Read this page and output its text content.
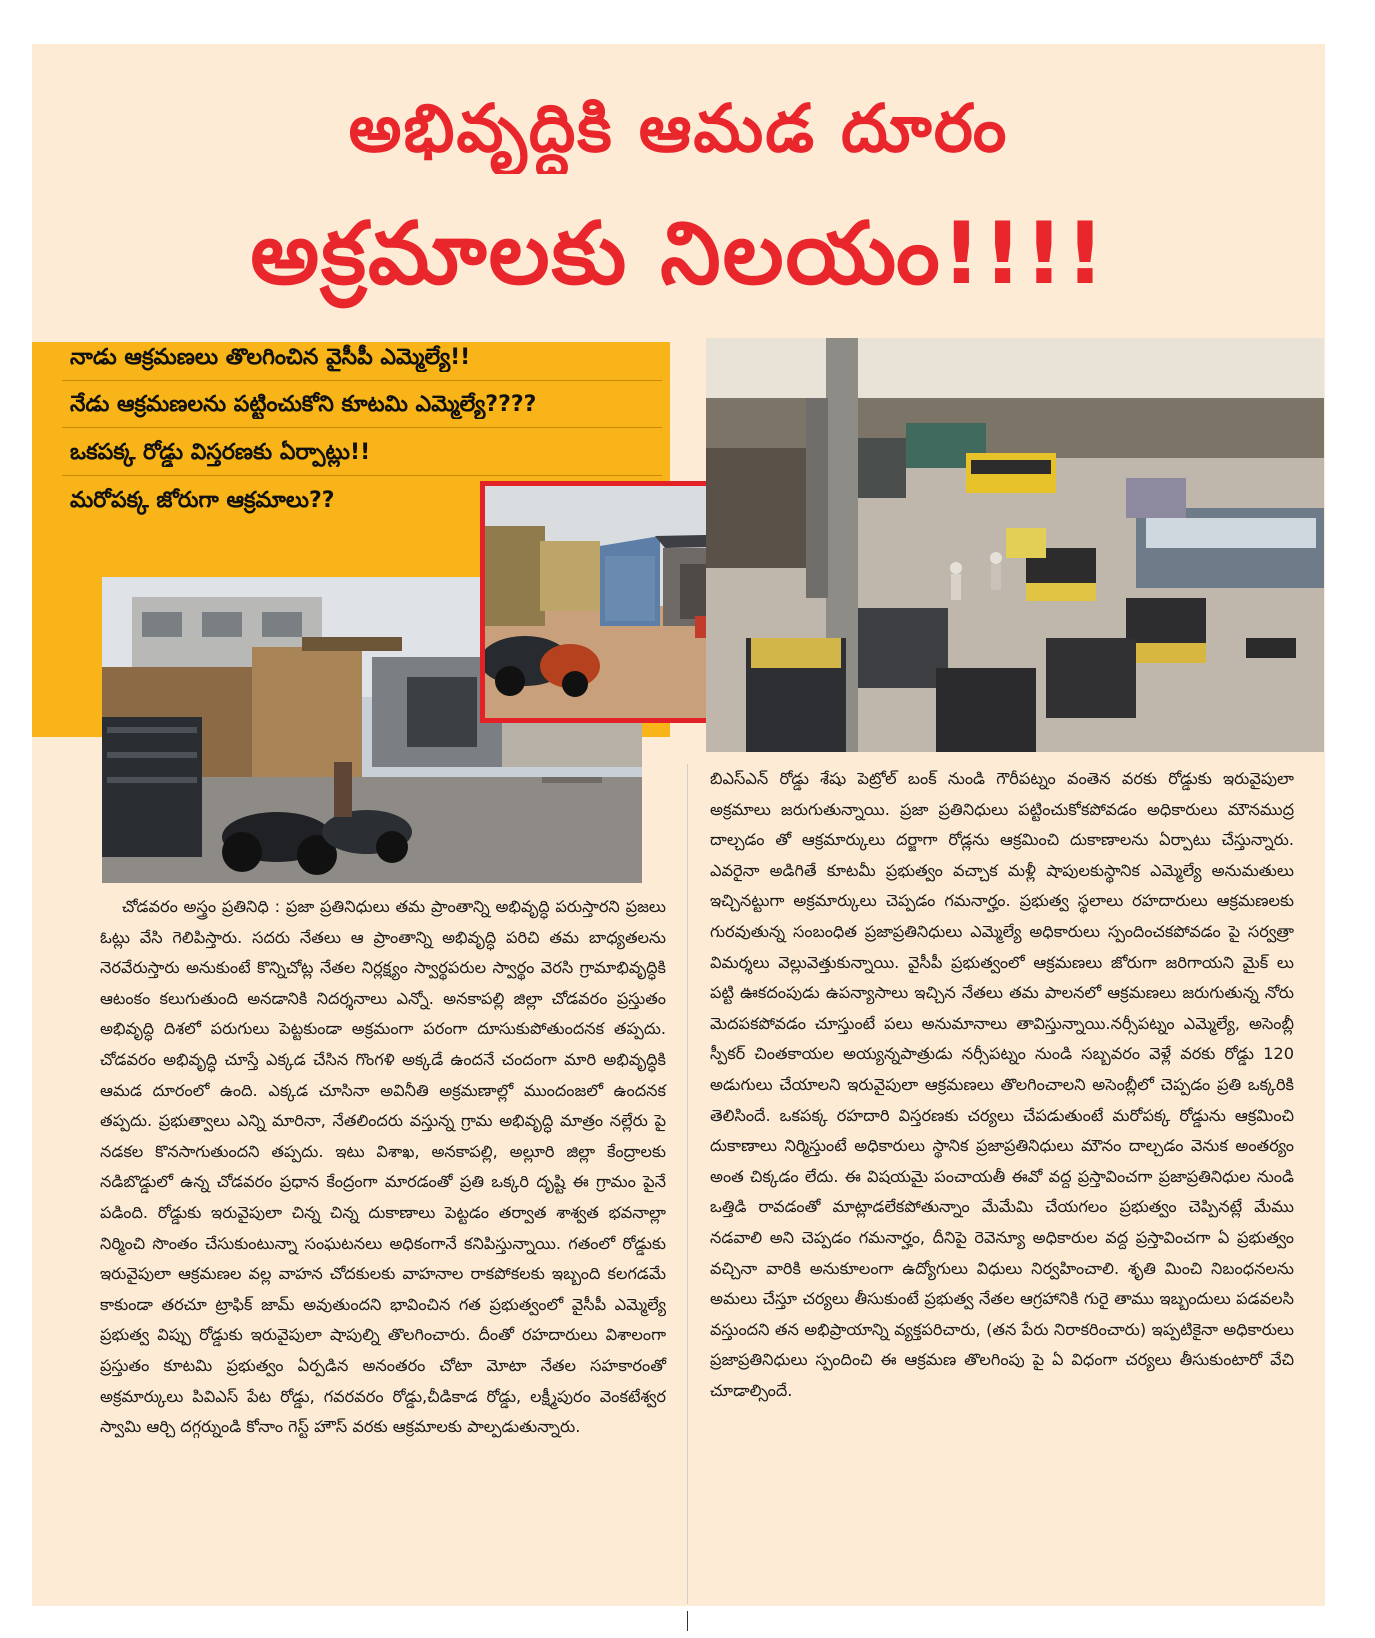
అభివృద్ధికి ఆమడ దూరం
అక్రమాలకు నిలయం!!!!
నాడు ఆక్రమణలు తొలగించిన వైసీపీ ఎమ్మెల్యే!!
నేడు ఆక్రమణలను పట్టించుకోని కూటమి ఎమ్మెల్యే????
ఒకపక్క రోడ్డు విస్తరణకు ఏర్పాట్లు!!
మరోపక్క జోరుగా ఆక్రమాలు??
చోడవరం అస్త్రం ప్రతినిధి : ప్రజా ప్రతినిధులు తమ ప్రాంతాన్ని అభివృద్ధి పరుస్తారని ప్రజలు ఓట్లు వేసి గెలిపిస్తారు. సదరు నేతలు ఆ ప్రాంతాన్ని అభివృద్ధి పరిచి తమ బాధ్యతలను నెరవేరుస్తారు అనుకుంటే కొన్నిచోట్ల నేతల నిర్లక్ష్యం స్వార్థపరుల స్వార్థం వెరసి గ్రామాభివృద్ధికి ఆటంకం కలుగుతుంది అనడానికి నిదర్శనాలు ఎన్నో. అనకాపల్లి జిల్లా చోడవరం ప్రస్తుతం అభివృద్ధి దిశలో పరుగులు పెట్టకుండా అక్రమంగా పరంగా దూసుకుపోతుందనక తప్పదు. చోడవరం అభివృద్ధి చూస్తే ఎక్కడ చేసిన గొంగళి అక్కడే ఉందనే చందంగా మారి అభివృద్ధికి ఆమడ దూరంలో ఉంది. ఎక్కడ చూసినా అవినీతి అక్రమణాల్లో ముందంజలో ఉందనక తప్పదు. ప్రభుత్వాలు ఎన్ని మారినా, నేతలిందరు వస్తున్న గ్రామ అభివృద్ధి మాత్రం నల్లేరు పై నడకల కొనసాగుతుందని తప్పదు. ఇటు విశాఖ, అనకాపల్లి, అల్లూరి జిల్లా కేంద్రాలకు నడిబొడ్డులో ఉన్న చోడవరం ప్రధాన కేంద్రంగా మారడంతో ప్రతి ఒక్కరి దృష్టి ఈ గ్రామం పైనే పడింది. రోడ్డుకు ఇరువైపులా చిన్న చిన్న దుకాణాలు పెట్టడం తర్వాత శాశ్వత భవనాల్లా నిర్మించి సొంతం చేసుకుంటున్నా సంఘటనలు అధికంగానే కనిపిస్తున్నాయి. గతంలో రోడ్డుకు ఇరువైపులా ఆక్రమణల వల్ల వాహన చోదకులకు వాహనాల రాకపోకలకు ఇబ్బంది కలగడమే కాకుండా తరచూ ట్రాఫిక్ జామ్ అవుతుందని భావించిన గత ప్రభుత్వంలో వైసీపీ ఎమ్మెల్యే ప్రభుత్వ విప్పు రోడ్డుకు ఇరువైపులా షాపుల్ని తొలగించారు. దీంతో రహదారులు విశాలంగా ప్రస్తుతం కూటమి ప్రభుత్వం ఏర్పడిన అనంతరం చోటా మోటా నేతల సహకారంతో అక్రమార్కులు పివిఎస్ పేట రోడ్డు, గవరవరం రోడ్డు,చీడికాడ రోడ్డు, లక్ష్మీపురం వెంకటేశ్వర స్వామి ఆర్చి దగ్గర్నుండి కోనాం గెస్ట్ హౌస్ వరకు ఆక్రమాలకు పాల్పడుతున్నారు.
బిఎస్ఎన్ రోడ్డు శేషు పెట్రోల్ బంక్ నుండి గౌరీపట్నం వంతెన వరకు రోడ్డుకు ఇరువైపులా అక్రమాలు జరుగుతున్నాయి. ప్రజా ప్రతినిధులు పట్టించుకోకపోవడం అధికారులు మౌనముద్ర దాల్చడం తో ఆక్రమార్కులు దర్జాగా రోడ్లను ఆక్రమించి దుకాణాలను ఏర్పాటు చేస్తున్నారు. ఎవరైనా అడిగితే కూటమీ ప్రభుత్వం వచ్చాక మళ్లీ షాపులకుస్థానిక ఎమ్మెల్యే అనుమతులు ఇచ్చినట్టుగా అక్రమార్కులు చెప్పడం గమనార్హం. ప్రభుత్వ స్థలాలు రహదారులు ఆక్రమణలకు గురవుతున్న సంబంధిత ప్రజాప్రతినిధులు ఎమ్మెల్యే అధికారులు స్పందించకపోవడం పై సర్వత్రా విమర్శలు వెల్లువెత్తుకున్నాయి. వైసీపీ ప్రభుత్వంలో ఆక్రమణలు జోరుగా జరిగాయని మైక్ లు పట్టి ఊకదంపుడు ఉపన్యాసాలు ఇచ్చిన నేతలు తమ పాలనలో ఆక్రమణలు జరుగుతున్న నోరు మెదపకపోవడం చూస్తుంటే పలు అనుమానాలు తావిస్తున్నాయి.నర్సీపట్నం ఎమ్మెల్యే, అసెంబ్లీ స్పీకర్ చింతకాయల అయ్యన్నపాత్రుడు నర్సీపట్నం నుండి సబ్బవరం వెళ్లే వరకు రోడ్డు 120 అడుగులు చేయాలని ఇరువైపులా ఆక్రమణలు తొలగించాలని అసెంబ్లీలో చెప్పడం ప్రతి ఒక్కరికి తెలిసిందే. ఒకపక్క రహదారి విస్తరణకు చర్యలు చేపడుతుంటే మరోపక్క రోడ్డును ఆక్రమించి దుకాణాలు నిర్మిస్తుంటే అధికారులు స్థానిక ప్రజాప్రతినిధులు మౌనం దాల్చడం వెనుక అంతర్యం అంత చిక్కడం లేదు. ఈ విషయమై పంచాయతీ ఈవో వద్ద ప్రస్తావించగా ప్రజాప్రతినిధుల నుండి ఒత్తిడి రావడంతో మాట్లాడలేకపోతున్నాం మేమేమి చేయగలం ప్రభుత్వం చెప్పినట్లే మేము నడవాలి అని చెప్పడం గమనార్హం, దీనిపై రెవెన్యూ అధికారుల వద్ద ప్రస్తావించగా ఏ ప్రభుత్వం వచ్చినా వారికి అనుకూలంగా ఉద్యోగులు విధులు నిర్వహించాలి. శృతి మించి నిబంధనలను అమలు చేస్తూ చర్యలు తీసుకుంటే ప్రభుత్వ నేతల ఆగ్రహానికి గురై తాము ఇబ్బందులు పడవలసి వస్తుందని తన అభిప్రాయాన్ని వ్యక్తపరిచారు, (తన పేరు నిరాకరించారు) ఇప్పటికైనా అధికారులు ప్రజాప్రతినిధులు స్పందించి ఈ ఆక్రమణ తొలగింపు పై ఏ విధంగా చర్యలు తీసుకుంటారో వేచి చూడాల్సిందే.
